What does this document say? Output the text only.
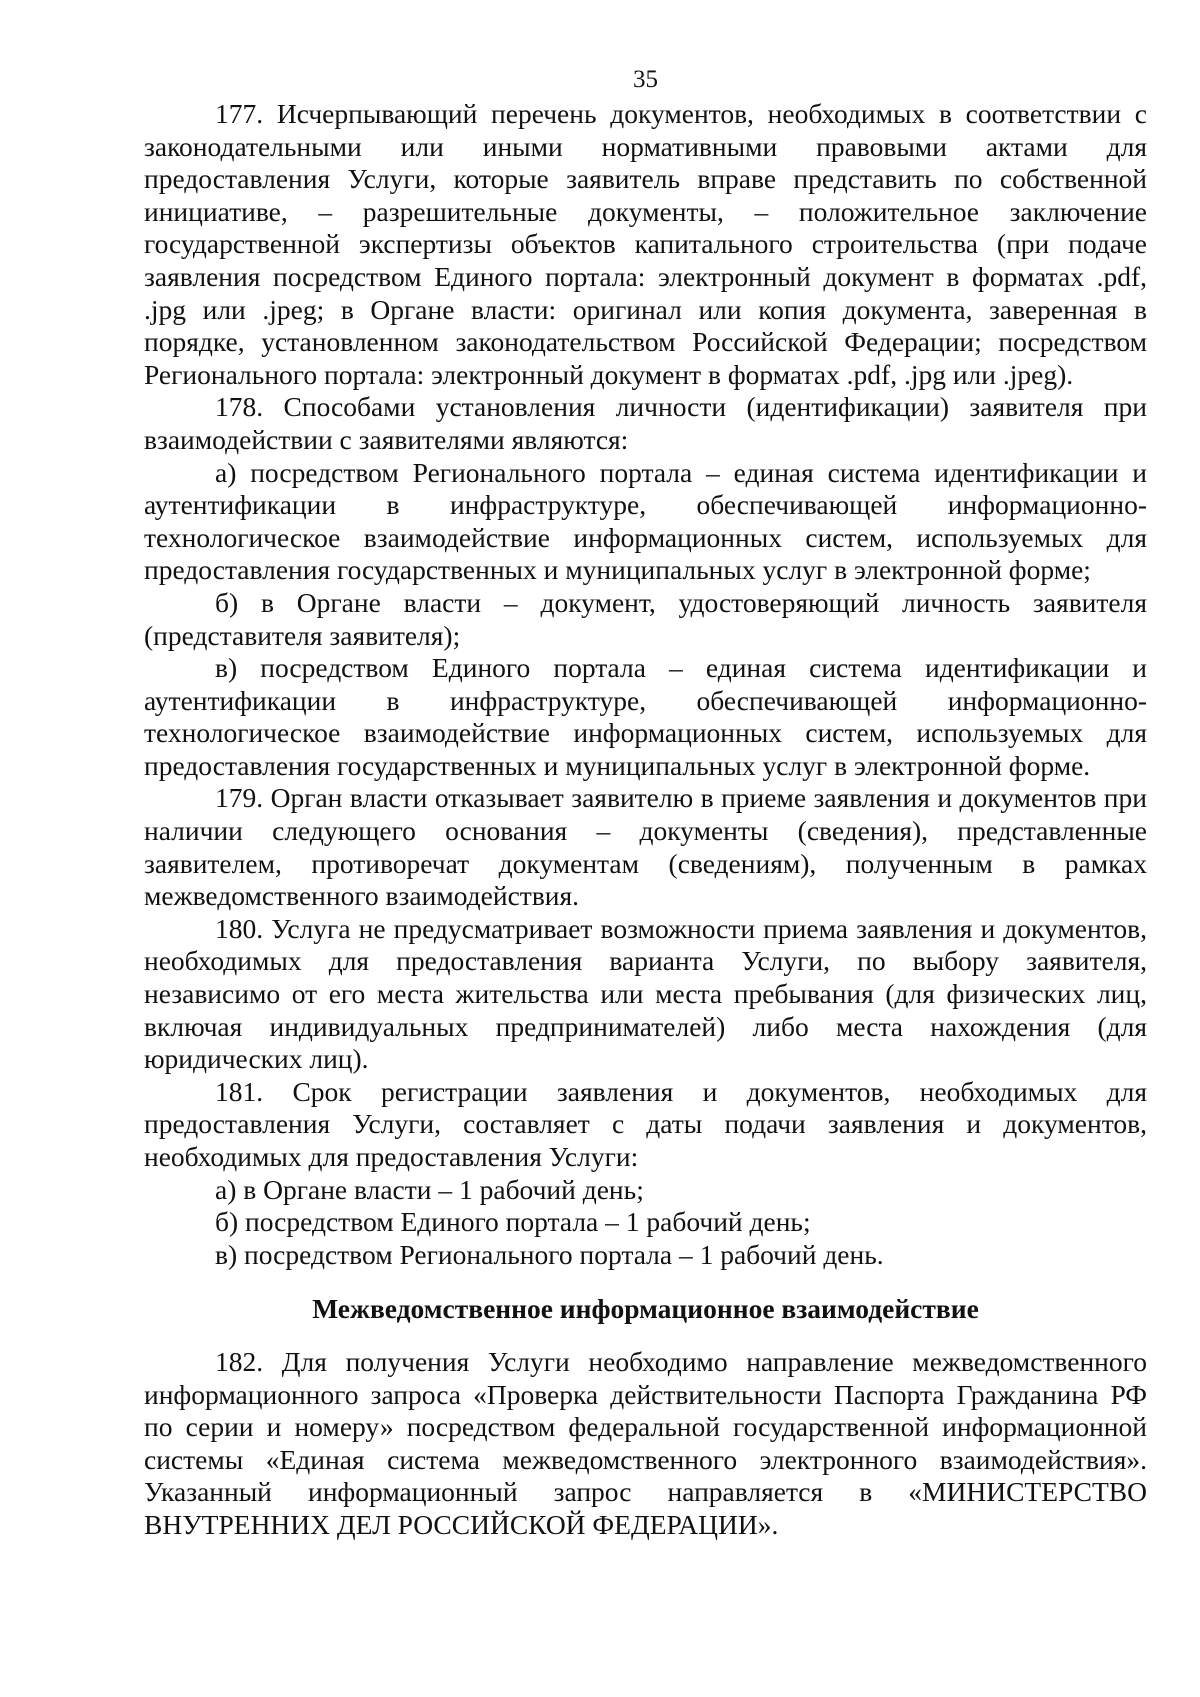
35

177. Исчерпывающий перечень документов, необходимых в соответствии с законодательными или иными нормативными правовыми актами для предоставления Услуги, которые заявитель вправе представить по собственной инициативе, – разрешительные документы, – положительное заключение государственной экспертизы объектов капитального строительства (при подаче заявления посредством Единого портала: электронный документ в форматах .pdf, .jpg или .jpeg; в Органе власти: оригинал или копия документа, заверенная в порядке, установленном законодательством Российской Федерации; посредством Регионального портала: электронный документ в форматах .pdf, .jpg или .jpeg).

178. Способами установления личности (идентификации) заявителя при взаимодействии с заявителями являются:

а) посредством Регионального портала – единая система идентификации и аутентификации в инфраструктуре, обеспечивающей информационно-технологическое взаимодействие информационных систем, используемых для предоставления государственных и муниципальных услуг в электронной форме;

б) в Органе власти – документ, удостоверяющий личность заявителя (представителя заявителя);

в) посредством Единого портала – единая система идентификации и аутентификации в инфраструктуре, обеспечивающей информационно-технологическое взаимодействие информационных систем, используемых для предоставления государственных и муниципальных услуг в электронной форме.

179. Орган власти отказывает заявителю в приеме заявления и документов при наличии следующего основания – документы (сведения), представленные заявителем, противоречат документам (сведениям), полученным в рамках межведомственного взаимодействия.

180. Услуга не предусматривает возможности приема заявления и документов, необходимых для предоставления варианта Услуги, по выбору заявителя, независимо от его места жительства или места пребывания (для физических лиц, включая индивидуальных предпринимателей) либо места нахождения (для юридических лиц).

181. Срок регистрации заявления и документов, необходимых для предоставления Услуги, составляет с даты подачи заявления и документов, необходимых для предоставления Услуги:

а) в Органе власти – 1 рабочий день;

б) посредством Единого портала – 1 рабочий день;

в) посредством Регионального портала – 1 рабочий день.

Межведомственное информационное взаимодействие

182. Для получения Услуги необходимо направление межведомственного информационного запроса «Проверка действительности Паспорта Гражданина РФ по серии и номеру» посредством федеральной государственной информационной системы «Единая система межведомственного электронного взаимодействия». Указанный информационный запрос направляется в «МИНИСТЕРСТВО ВНУТРЕННИХ ДЕЛ РОССИЙСКОЙ ФЕДЕРАЦИИ».
